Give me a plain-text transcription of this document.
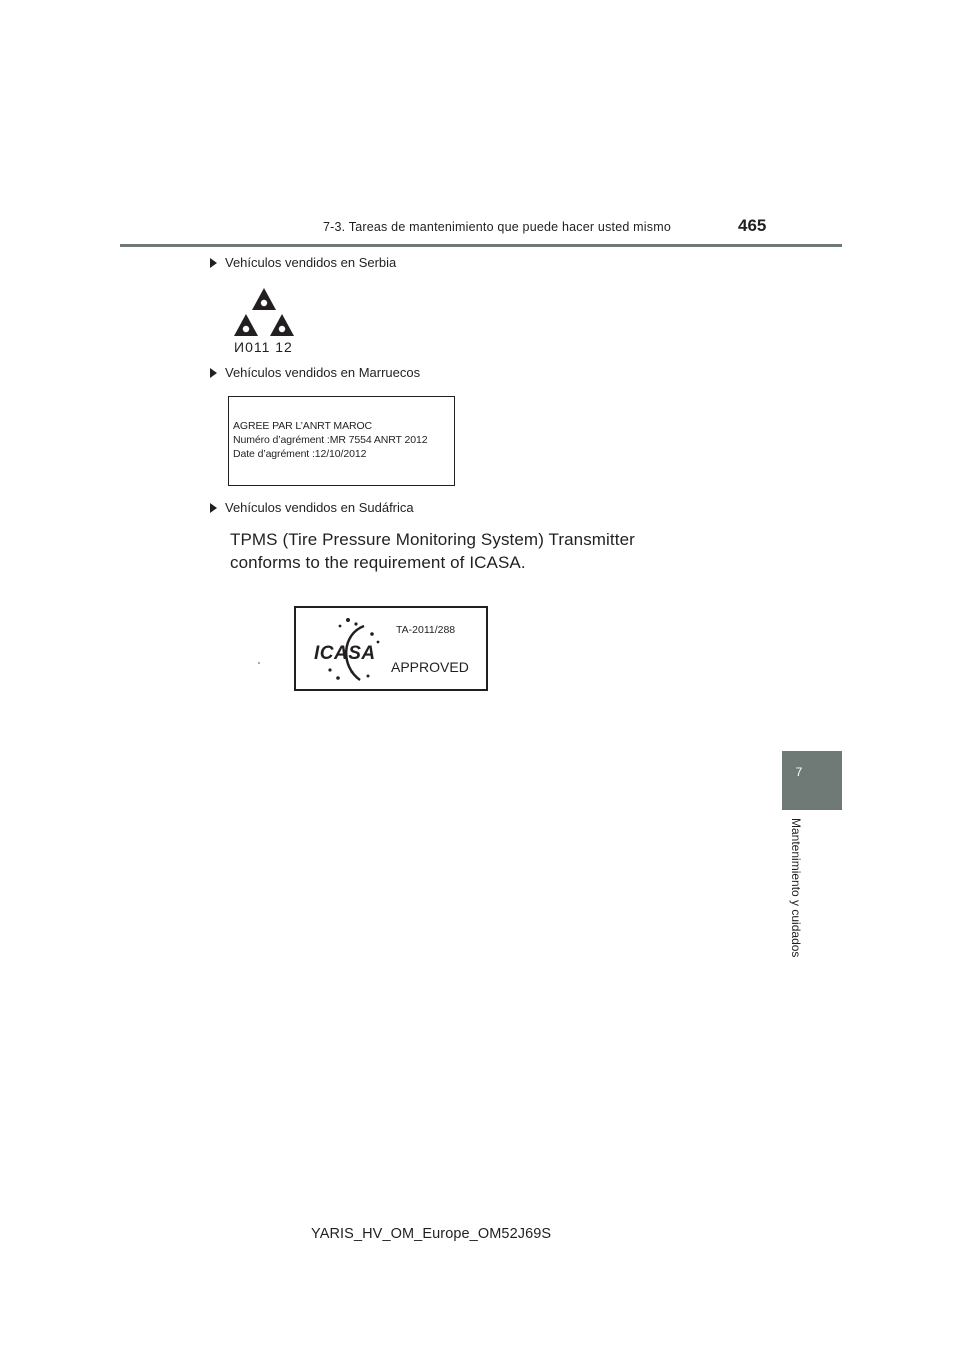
7-3. Tareas de mantenimiento que puede hacer usted mismo	465
Vehículos vendidos en Serbia
И011 12
Vehículos vendidos en Marruecos
AGREE PAR L’ANRT MAROC
Numéro d’agrément :MR 7554 ANRT 2012
Date d’agrément :12/10/2012
Vehículos vendidos en Sudáfrica
TPMS (Tire Pressure Monitoring System) Transmitter
conforms to the requirement of ICASA.
ICASA
TA-2011/288
APPROVED
7
Mantenimiento y cuidados
YARIS_HV_OM_Europe_OM52J69S
